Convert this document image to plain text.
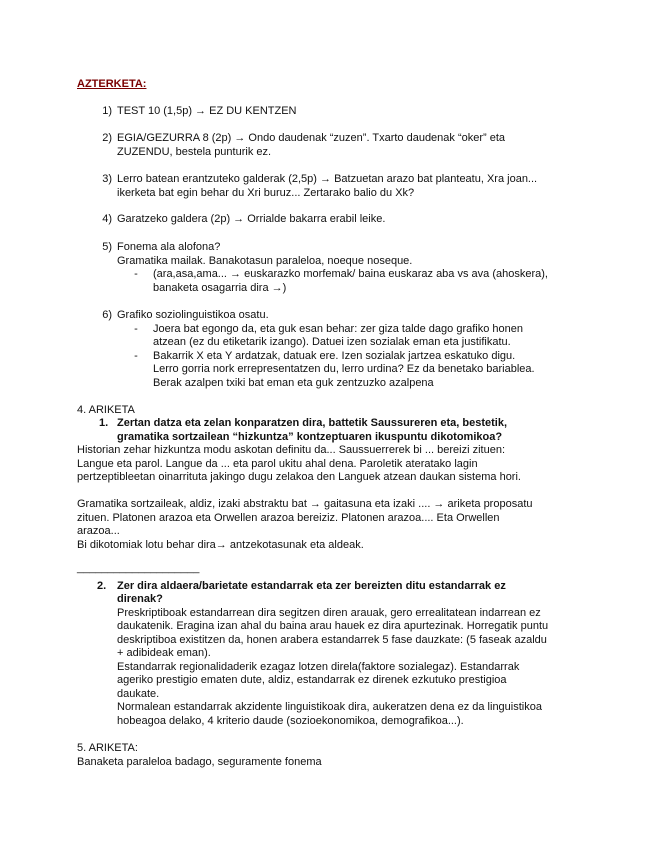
AZTERKETA:
1) TEST 10 (1,5p) → EZ DU KENTZEN
2) EGIA/GEZURRA 8 (2p) → Ondo daudenak “zuzen”. Txarto daudenak “oker” eta
ZUZENDU, bestela punturik ez.
3) Lerro batean erantzuteko galderak (2,5p) → Batzuetan arazo bat planteatu, Xra joan...
ikerketa bat egin behar du Xri buruz... Zertarako balio du Xk?
4) Garatzeko galdera (2p) → Orrialde bakarra erabil leike.
5) Fonema ala alofona?
Gramatika mailak. Banakotasun paraleloa, noeque noseque.
- (ara,asa,ama... → euskarazko morfemak/ baina euskaraz aba vs ava (ahoskera),
banaketa osagarria dira →)
6) Grafiko soziolinguistikoa osatu.
- Joera bat egongo da, eta guk esan behar: zer giza talde dago grafiko honen
atzean (ez du etiketarik izango). Datuei izen sozialak eman eta justifikatu.
- Bakarrik X eta Y ardatzak, datuak ere. Izen sozialak jartzea eskatuko digu.
Lerro gorria nork errepresentatzen du, lerro urdina? Ez da benetako bariablea.
Berak azalpen txiki bat eman eta guk zentzuzko azalpena
4. ARIKETA
1. Zertan datza eta zelan konparatzen dira, battetik Saussureren eta, bestetik,
gramatika sortzailean “hizkuntza” kontzeptuaren ikuspuntu dikotomikoa?
Historian zehar hizkuntza modu askotan definitu da... Saussuerrerek bi ... bereizi zituen:
Langue eta parol. Langue da ... eta parol ukitu ahal dena. Paroletik ateratako lagin
pertzeptibleetan oinarrituta jakingo dugu zelakoa den Languek atzean daukan sistema hori.
Gramatika sortzaileak, aldiz, izaki abstraktu bat → gaitasuna eta izaki .... → ariketa proposatu
zituen. Platonen arazoa eta Orwellen arazoa bereiziz. Platonen arazoa.... Eta Orwellen
arazoa...
Bi dikotomiak lotu behar dira→ antzekotasunak eta aldeak.
____________________
2. Zer dira aldaera/barietate estandarrak eta zer bereizten ditu estandarrak ez
direnak?
Preskriptiboak estandarrean dira segitzen diren arauak, gero errealitatean indarrean ez
daukatenik. Eragina izan ahal du baina arau hauek ez dira apurtezinak. Horregatik puntu
deskriptiboa existitzen da, honen arabera estandarrek 5 fase dauzkate: (5 faseak azaldu
+ adibideak eman).
Estandarrak regionalidaderik ezagaz lotzen direla(faktore sozialegaz). Estandarrak
ageriko prestigio ematen dute, aldiz, estandarrak ez direnek ezkutuko prestigioa
daukate.
Normalean estandarrak akzidente linguistikoak dira, aukeratzen dena ez da linguistikoa
hobeagoa delako, 4 kriterio daude (sozioekonomikoa, demografikoa...).
5. ARIKETA:
Banaketa paraleloa badago, seguramente fonema
